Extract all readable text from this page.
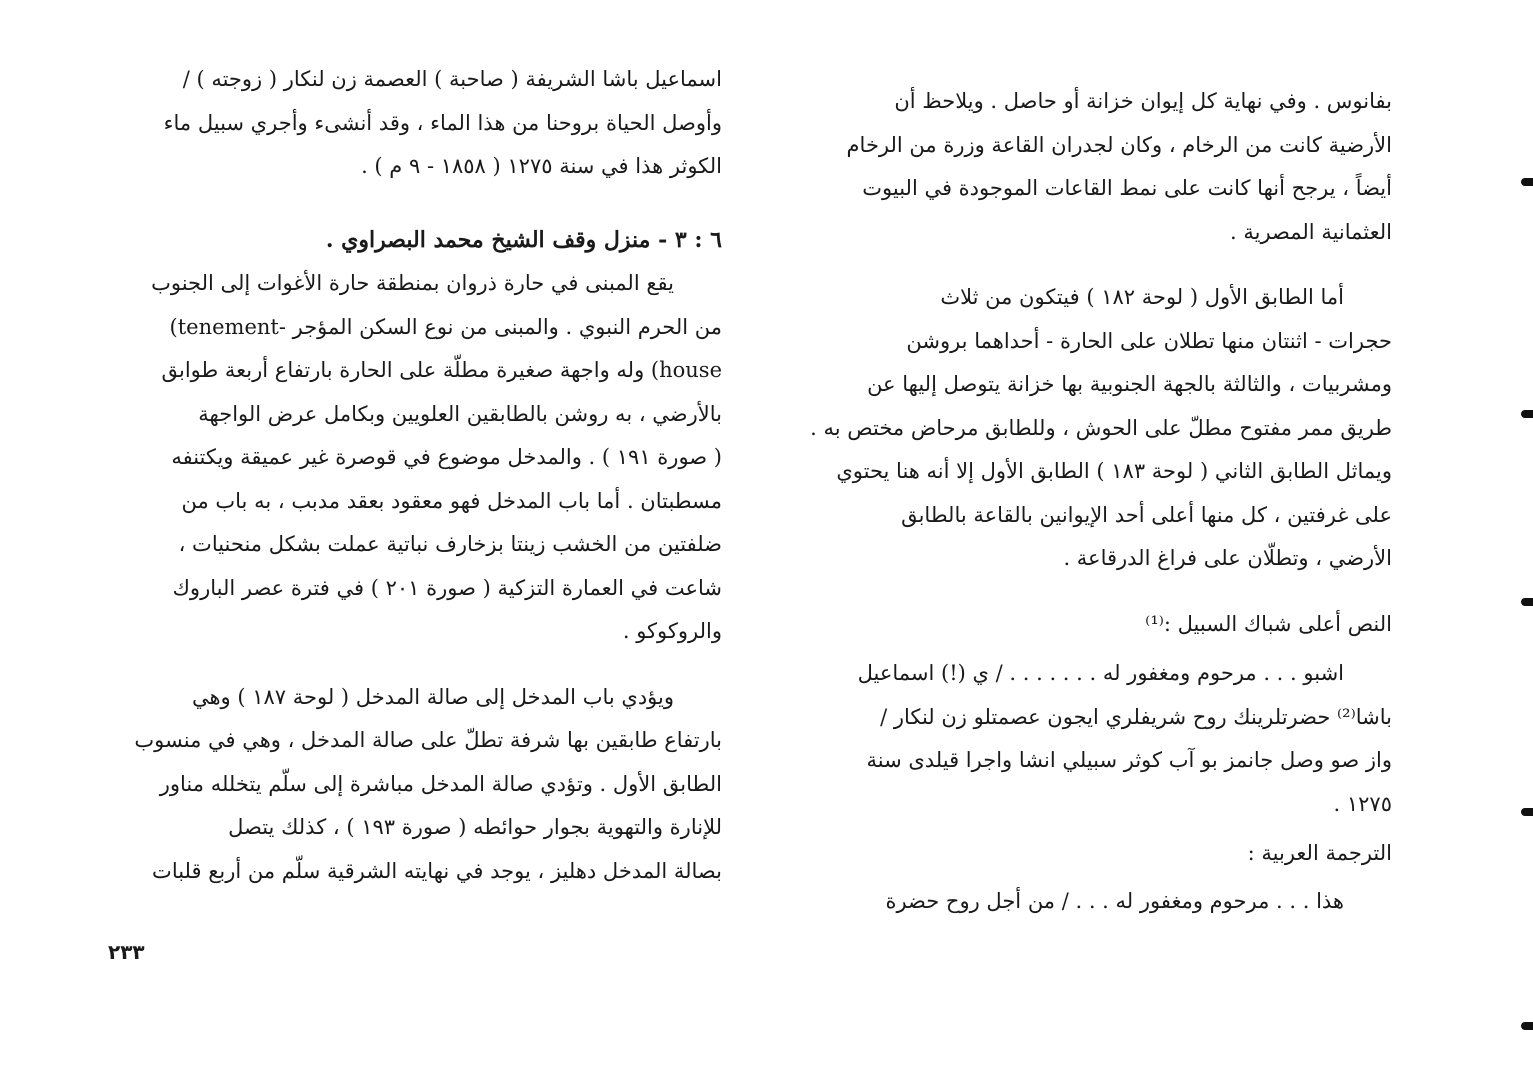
اسماعيل باشا الشريفة ( صاحبة ) العصمة زن لنكار ( زوجته ) /
وأوصل الحياة بروحنا من هذا الماء ، وقد أنشىء وأجري سبيل ماء
الكوثر هذا في سنة ١٢٧٥ ( ١٨٥٨ - ٩ م ) .
٦ : ٣ - منزل وقف الشيخ محمد البصراوي .
يقع المبنى في حارة ذروان بمنطقة حارة الأغوات إلى الجنوب
من الحرم النبوي . والمبنى من نوع السكن المؤجر -tenement)
house) وله واجهة صغيرة مطلّة على الحارة بارتفاع أربعة طوابق
بالأرضي ، به روشن بالطابقين العلويين وبكامل عرض الواجهة
( صورة ١٩١ ) . والمدخل موضوع في قوصرة غير عميقة ويكتنفه
مسطبتان . أما باب المدخل فهو معقود بعقد مدبب ، به باب من
ضلفتين من الخشب زينتا بزخارف نباتية عملت بشكل منحنيات ،
شاعت في العمارة التزكية ( صورة ٢٠١ ) في فترة عصر الباروك
والروكوكو .
ويؤدي باب المدخل إلى صالة المدخل ( لوحة ١٨٧ ) وهي
بارتفاع طابقين بها شرفة تطلّ على صالة المدخل ، وهي في منسوب
الطابق الأول . وتؤدي صالة المدخل مباشرة إلى سلّم يتخلله مناور
للإنارة والتهوية بجوار حوائطه ( صورة ١٩٣ ) ، كذلك يتصل
بصالة المدخل دهليز ، يوجد في نهايته الشرقية سلّم من أربع قلبات
بفانوس . وفي نهاية كل إيوان خزانة أو حاصل . ويلاحظ أن
الأرضية كانت من الرخام ، وكان لجدران القاعة وزرة من الرخام
أيضاً ، يرجح أنها كانت على نمط القاعات الموجودة في البيوت
العثمانية المصرية .
أما الطابق الأول ( لوحة ١٨٢ ) فيتكون من ثلاث
حجرات - اثنتان منها تطلان على الحارة - أحداهما بروشن
ومشربيات ، والثالثة بالجهة الجنوبية بها خزانة يتوصل إليها عن
طريق ممر مفتوح مطلّ على الحوش ، وللطابق مرحاض مختص به .
ويماثل الطابق الثاني ( لوحة ١٨٣ ) الطابق الأول إلا أنه هنا يحتوي
على غرفتين ، كل منها أعلى أحد الإيوانين بالقاعة بالطابق
الأرضي ، وتطلّان على فراغ الدرقاعة .
النص أعلى شباك السبيل :⁽¹⁾
اشبو . . . مرحوم ومغفور له . . . . . . . / ي (!) اسماعيل
باشا⁽²⁾ حضرتلرينك روح شريفلري ايجون عصمتلو زن لنكار /
واز صو وصل جانمز بو آب كوثر سبيلي انشا واجرا قيلدى سنة
١٢٧٥ .
الترجمة العربية :
هذا . . . مرحوم ومغفور له . . . / من أجل روح حضرة
٢٣٣
